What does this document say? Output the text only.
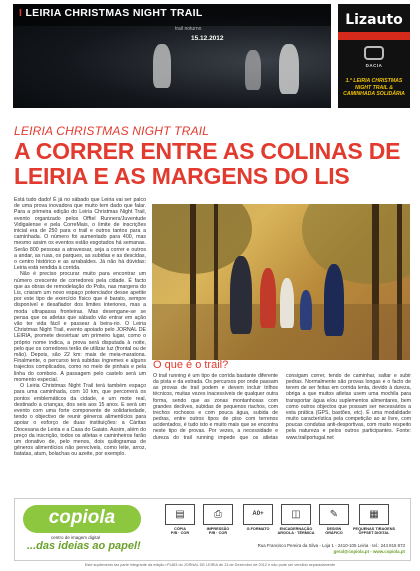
I LEIRIA CHRISTMAS NIGHT TRAIL
trail noturno
15.12.2012
Lizauto
DACIA
1.ª LEIRIA CHRISTMAS NIGHT TRAIL & CAMINHADA SOLIDÁRIA
LEIRIA CHRISTMAS NIGHT TRAIL
A CORRER ENTRE AS COLINAS DE LEIRIA E AS MARGENS DO LIS

Está tudo dado! É já no sábado que Leiria vai ser palco de uma prova inovadora que muito tem dado que falar. Para a primeira edição do Leiria Christmas Night Trail, evento organizado pelos Offtel Runners/Juventude Vidigalense e pela CorreMais, o limite de inscrições inicial era de 250 para o trail e outros tantos para a caminhada. O número foi aumentado para 400, mas mesmo assim os eventos estão esgotados há semanas. Serão 800 pessoas a atravessar, seja a correr e outros a andar, as ruas, os parques, as subidas e as descidas, o centro histórico e as arrabaldes. Já não há dúvidas: Leiria está rendida à corrida.

Não é preciso procurar muito para encontrar um número crescente de corredores pela cidade. É facto que as obras de remodelação do Polis, nas margens do Lis, criaram um novo espaço potenciador desse apetite por este tipo de exercício físico que é barato, sempre disponível e desafiador dos limites interiores, mas a moda ultrapassa fronteiras. Mas desengane-se se pensa que os atletas que sábado vão entrar em ação vão ter vida fácil e passear à beira-rio. O Leiria Christmas Night Trail, evento apoiado pelo JORNAL DE LEIRIA, promete desvirtuar um primeiro lugar, como o próprio nome indica, a prova será disputada à noite, pelo que os corredores terão de utilizar luz (frontal ou de mão). Depois, são 22 km: mais de meia-maratona. Finalmente, o percurso terá subidas íngremes e alguns trajectos complicados, como no meio de pinhais e pela linha do comboio. A passagem pelo castelo será um momento especial.

O Leiria Christmas Night Trail terá também espaço para uma caminhada, com 10 km, que percorrerá os pontos emblemáticos da cidade, e um mote real, destinado a crianças, dos seis aos 15 anos. E será um evento com uma forte componente de solidariedade, tendo o objectivo de reunir géneros alimentícios para apoiar o esforço de duas instituições: a Cáritas Diocesana de Leiria e a Casa do Gaiato. Assim, além do preço da inscrição, todos os atletas e caminheiros farão um donativo de, pelo menos, dois quilogramas de géneros alimentícios não perecíveis, como leite, arroz, batatas, atum, bolachas ou azeite, por exemplo.

O que é o trail?

O trail running é um tipo de corrida bastante diferente da pista e da estrada. Os percursos por onde passam as provas de trail podem e devem incluir trilhos técnicos, muitas vezes inacessíveis de qualquer outra forma, sendo que as zonas montanhosas com grandes declives, subidas de pequenos riachos, com trechos rochosos e com pouca água, subida de pedras, entre outros tipos de piso com terrenos acidentados, é tudo isto e muito mais que se encontra neste tipo de provas. Por vezes, a necessidade e dureza do trail running impede que os atletas consigam correr, tendo de caminhar, saltar e subir pedras. Normalmente são provas longas e o facto de terem de ser feitas em corrida lenta, devido à dureza, obriga a que muitos atletas usem uma mochila para transportar água e/ou suplementos alimentares, bem como outros objectos que possam ser necessários a esta prática (GPS, bastões, etc). É uma modalidade muito característica pela competição ao ar livre, com poucas condutas anti-desportivas, com muito respeito pela natureza e pelos outros participantes. Fonte: www.trailportugal.net

copiola
centro de imagem digital
...das ideias ao papel!
▤
CÓPIA
P/B · COR
⎙
IMPRESSÃO
P/B · COR
A0+
G.FORMATO
◫
ENCADERNAÇÃO
ARGOLA · TÉRMICA
✎
DESIGN
GRÁFICO
▦
PEQUENAS TIRAGENS
OFFSET DIGITAL
Rua Francisco Pereira da Silva - Loja 1 - 2410-105 Leiria · tel.: 244 815 973
geral@copiola.pt - www.copiola.pt
Este suplemento faz parte integrante da edição nº1483 do JORNAL DE LEIRIA de 13 de Dezembro de 2012 e não pode ser vendido separadamente
